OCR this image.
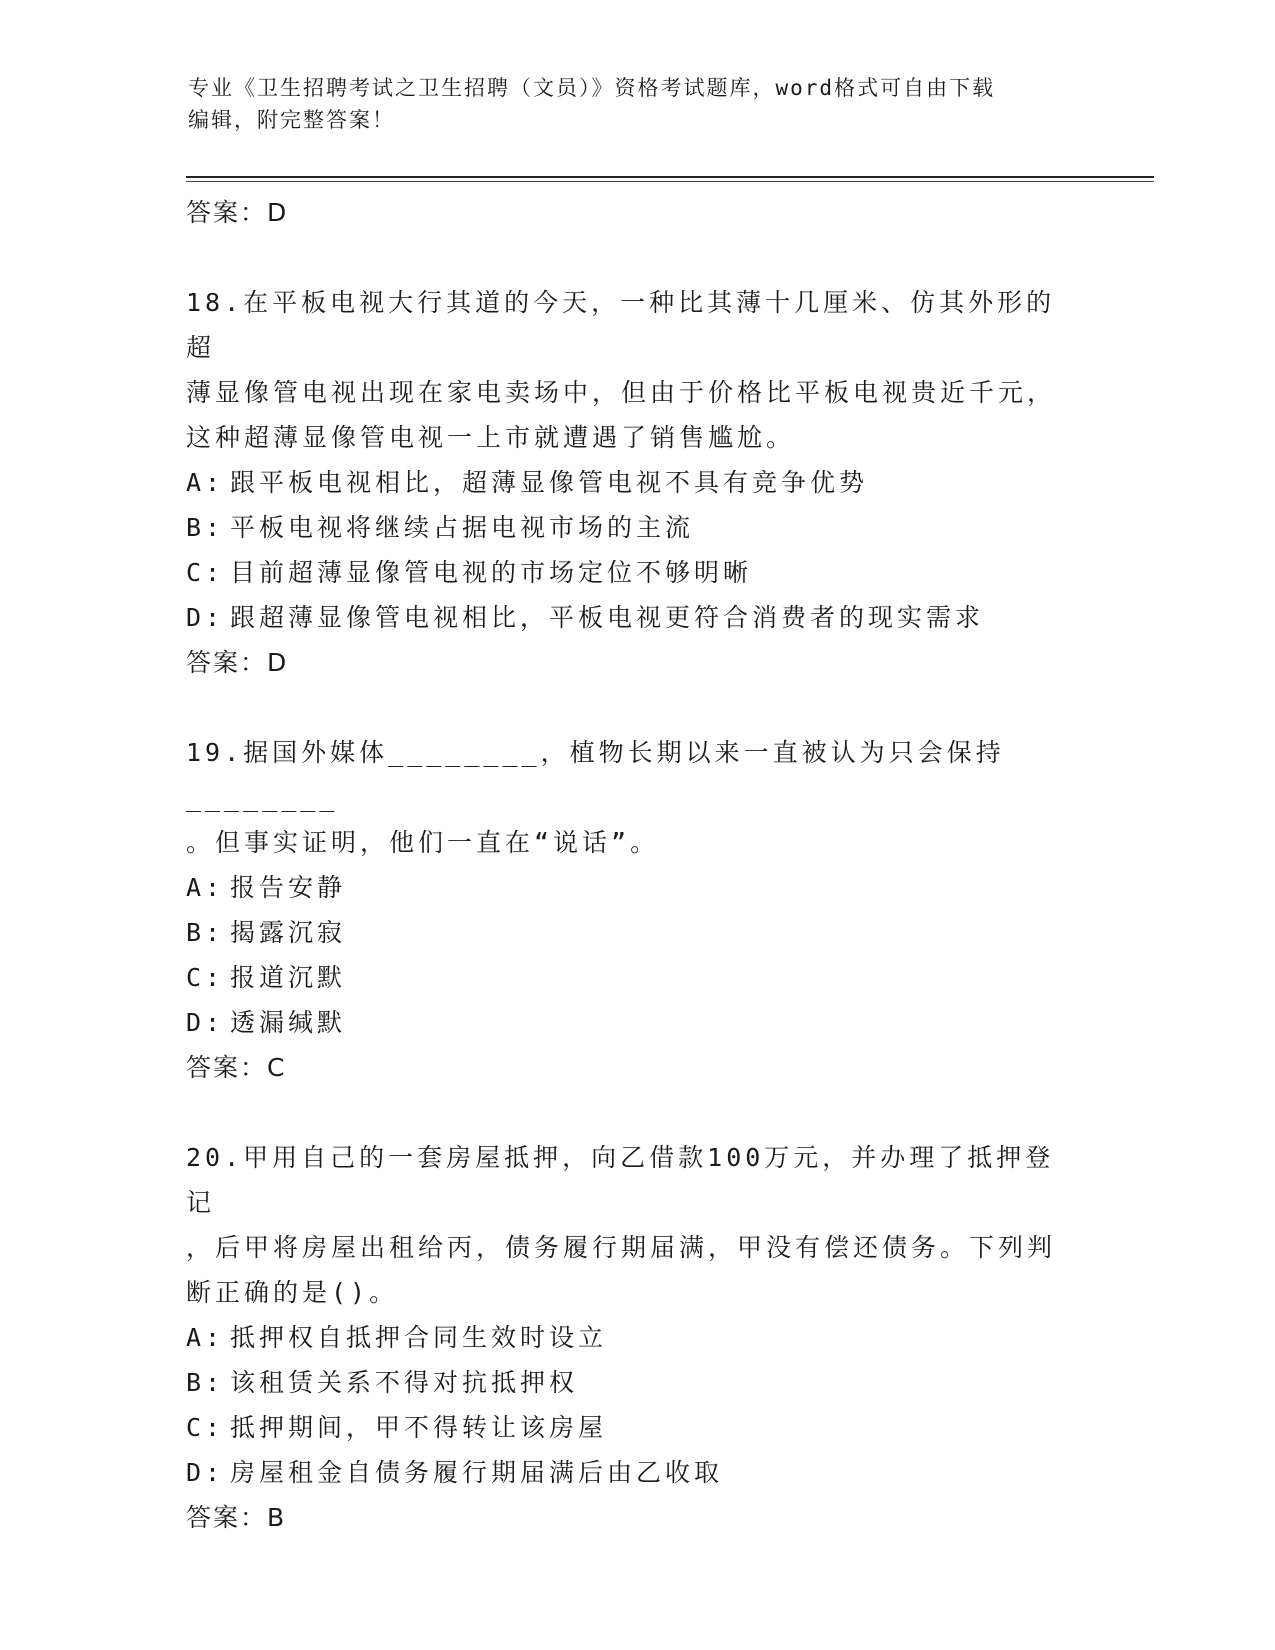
专业《卫生招聘考试之卫生招聘（文员）》资格考试题库，word格式可自由下载
编辑，附完整答案！

答案：D

18.在平板电视大行其道的今天，一种比其薄十几厘米、仿其外形的超

薄显像管电视出现在家电卖场中，但由于价格比平板电视贵近千元，

这种超薄显像管电视一上市就遭遇了销售尴尬。

A: 跟平板电视相比，超薄显像管电视不具有竞争优势

B: 平板电视将继续占据电视市场的主流

C: 目前超薄显像管电视的市场定位不够明晰

D: 跟超薄显像管电视相比，平板电视更符合消费者的现实需求

答案：D

19.据国外媒体________，植物长期以来一直被认为只会保持________

。但事实证明，他们一直在“说话”。

A: 报告安静

B: 揭露沉寂

C: 报道沉默

D: 透漏缄默

答案：C

20.甲用自己的一套房屋抵押，向乙借款100万元，并办理了抵押登记

，后甲将房屋出租给丙，债务履行期届满，甲没有偿还债务。下列判

断正确的是()。

A: 抵押权自抵押合同生效时设立

B: 该租赁关系不得对抗抵押权

C: 抵押期间，甲不得转让该房屋

D: 房屋租金自债务履行期届满后由乙收取

答案：B
